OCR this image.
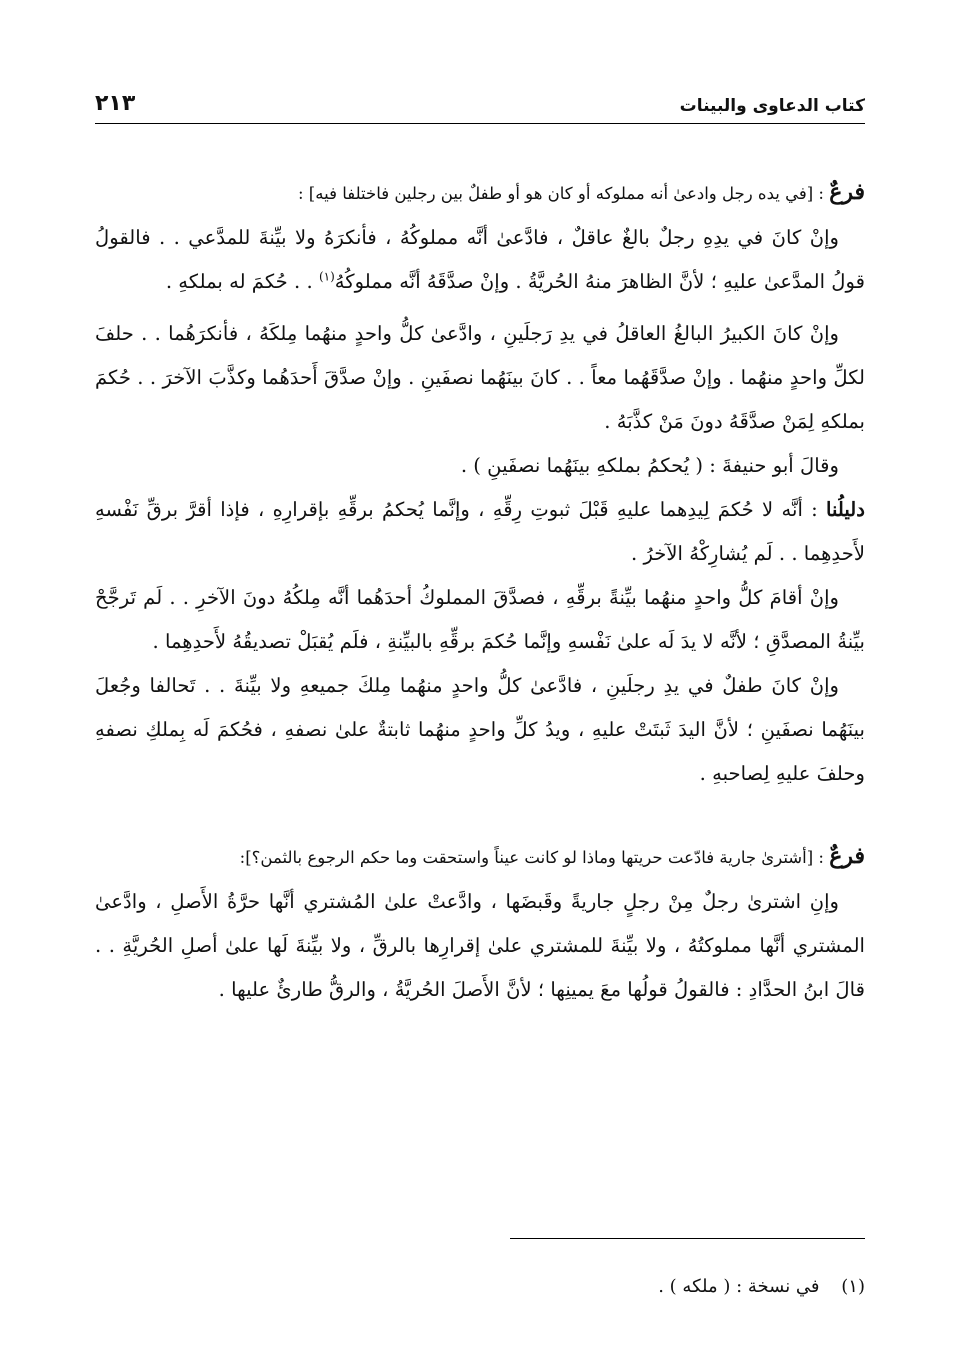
كتاب الدعاوى والبينات
٢١٣

فرعٌ : [في يده رجل وادعىٰ أنه مملوكه أو كان هو أو طفلٌ بين رجلين فاختلفا فيه] :

وإنْ كانَ في يدِهِ رجلٌ بالغٌ عاقلٌ ، فادَّعىٰ أنَّه مملوكُهُ ، فأنكرَهُ ولا بيِّنةَ للمدَّعي . . فالقولُ قولُ المدَّعىٰ عليهِ ؛ لأنَّ الظاهرَ منهُ الحُريَّةُ . وإنْ صدَّقَهُ أنَّه مملوكُهُ$^{(١)}$ . . حُكمَ له بملكهِ .

وإنْ كانَ الكبيرُ البالغُ العاقلُ في يدِ رَجلَينِ ، وادَّعىٰ كلُّ واحدٍ منهُما مِلكَهُ ، فأنكرَهُما . . حلفَ لكلِّ واحدٍ منهُما . وإنْ صدَّقَهُما معاً . . كانَ بينَهُما نصفَينِ . وإنْ صدَّقَ أَحدَهُما وكذَّبَ الآخرَ . . حُكمَ بملكهِ لِمَنْ صدَّقَهُ دونَ مَنْ كذَّبَهُ .

وقالَ أبو حنيفةَ : ( يُحكمُ بملكهِ بينَهُما نصفَينِ ) .

دليلُنا : أنَّه لا حُكمَ لِيدِهما عليهِ قَبْلَ ثبوتِ رِقِّهِ ، وإنَّما يُحكمُ برقِّهِ بإقرارِهِ ، فإذا أقرَّ برقِّ نَفْسهِ لأَحدِهِما . . لَم يُشارِكْهُ الآخرُ .

وإنْ أقامَ كلُّ واحدٍ منهُما بيِّنةً برقِّهِ ، فصدَّقَ المملوكُ أحدَهُما أنَّه مِلكُهُ دونَ الآخرِ . . لَم تَرجَّحْ بيِّنةُ المصدَّقِ ؛ لأنَّه لا يدَ لَه علىٰ نَفْسهِ وإنَّما حُكمَ برقِّهِ بالبيِّنةِ ، فلَم يُقبَلْ تصديقُهُ لأَحدِهِما .

وإنْ كانَ طفلٌ في يدِ رجلَينِ ، فادَّعىٰ كلُّ واحدٍ منهُما مِلكَ جميعهِ ولا بيِّنةَ . . تَحالفا وجُعلَ بينَهُما نصفَينِ ؛ لأنَّ اليدَ ثَبتَتْ عليهِ ، ويدُ كلِّ واحدٍ منهُما ثابتةٌ علىٰ نصفهِ ، فحُكمَ لَه بِملكِ نصفهِ وحلفَ عليهِ لِصاحبهِ .

فرعٌ : [أشترىٰ جارية فادّعت حريتها وماذا لو كانت عيناً واستحقت وما حكم الرجوع بالثمن؟]:

وإنِ اشترىٰ رجلٌ مِنْ رجلٍ جاريةً وقَبضَها ، وادَّعتْ علىٰ المُشتري أنَّها حرَّةُ الأَصلِ ، وادَّعىٰ المشتري أنَّها مملوكتُهُ ، ولا بيِّنةَ للمشتري علىٰ إقرارِها بالرقِّ ، ولا بيِّنةَ لَها علىٰ أصلِ الحُريَّةِ . . قالَ ابنُ الحدَّادِ : فالقولُ قولُها معَ يمينِها ؛ لأنَّ الأَصلَ الحُريَّةُ ، والرقُّ طارئٌ عليها .

(١) في نسخة : ( ملكه ) .
